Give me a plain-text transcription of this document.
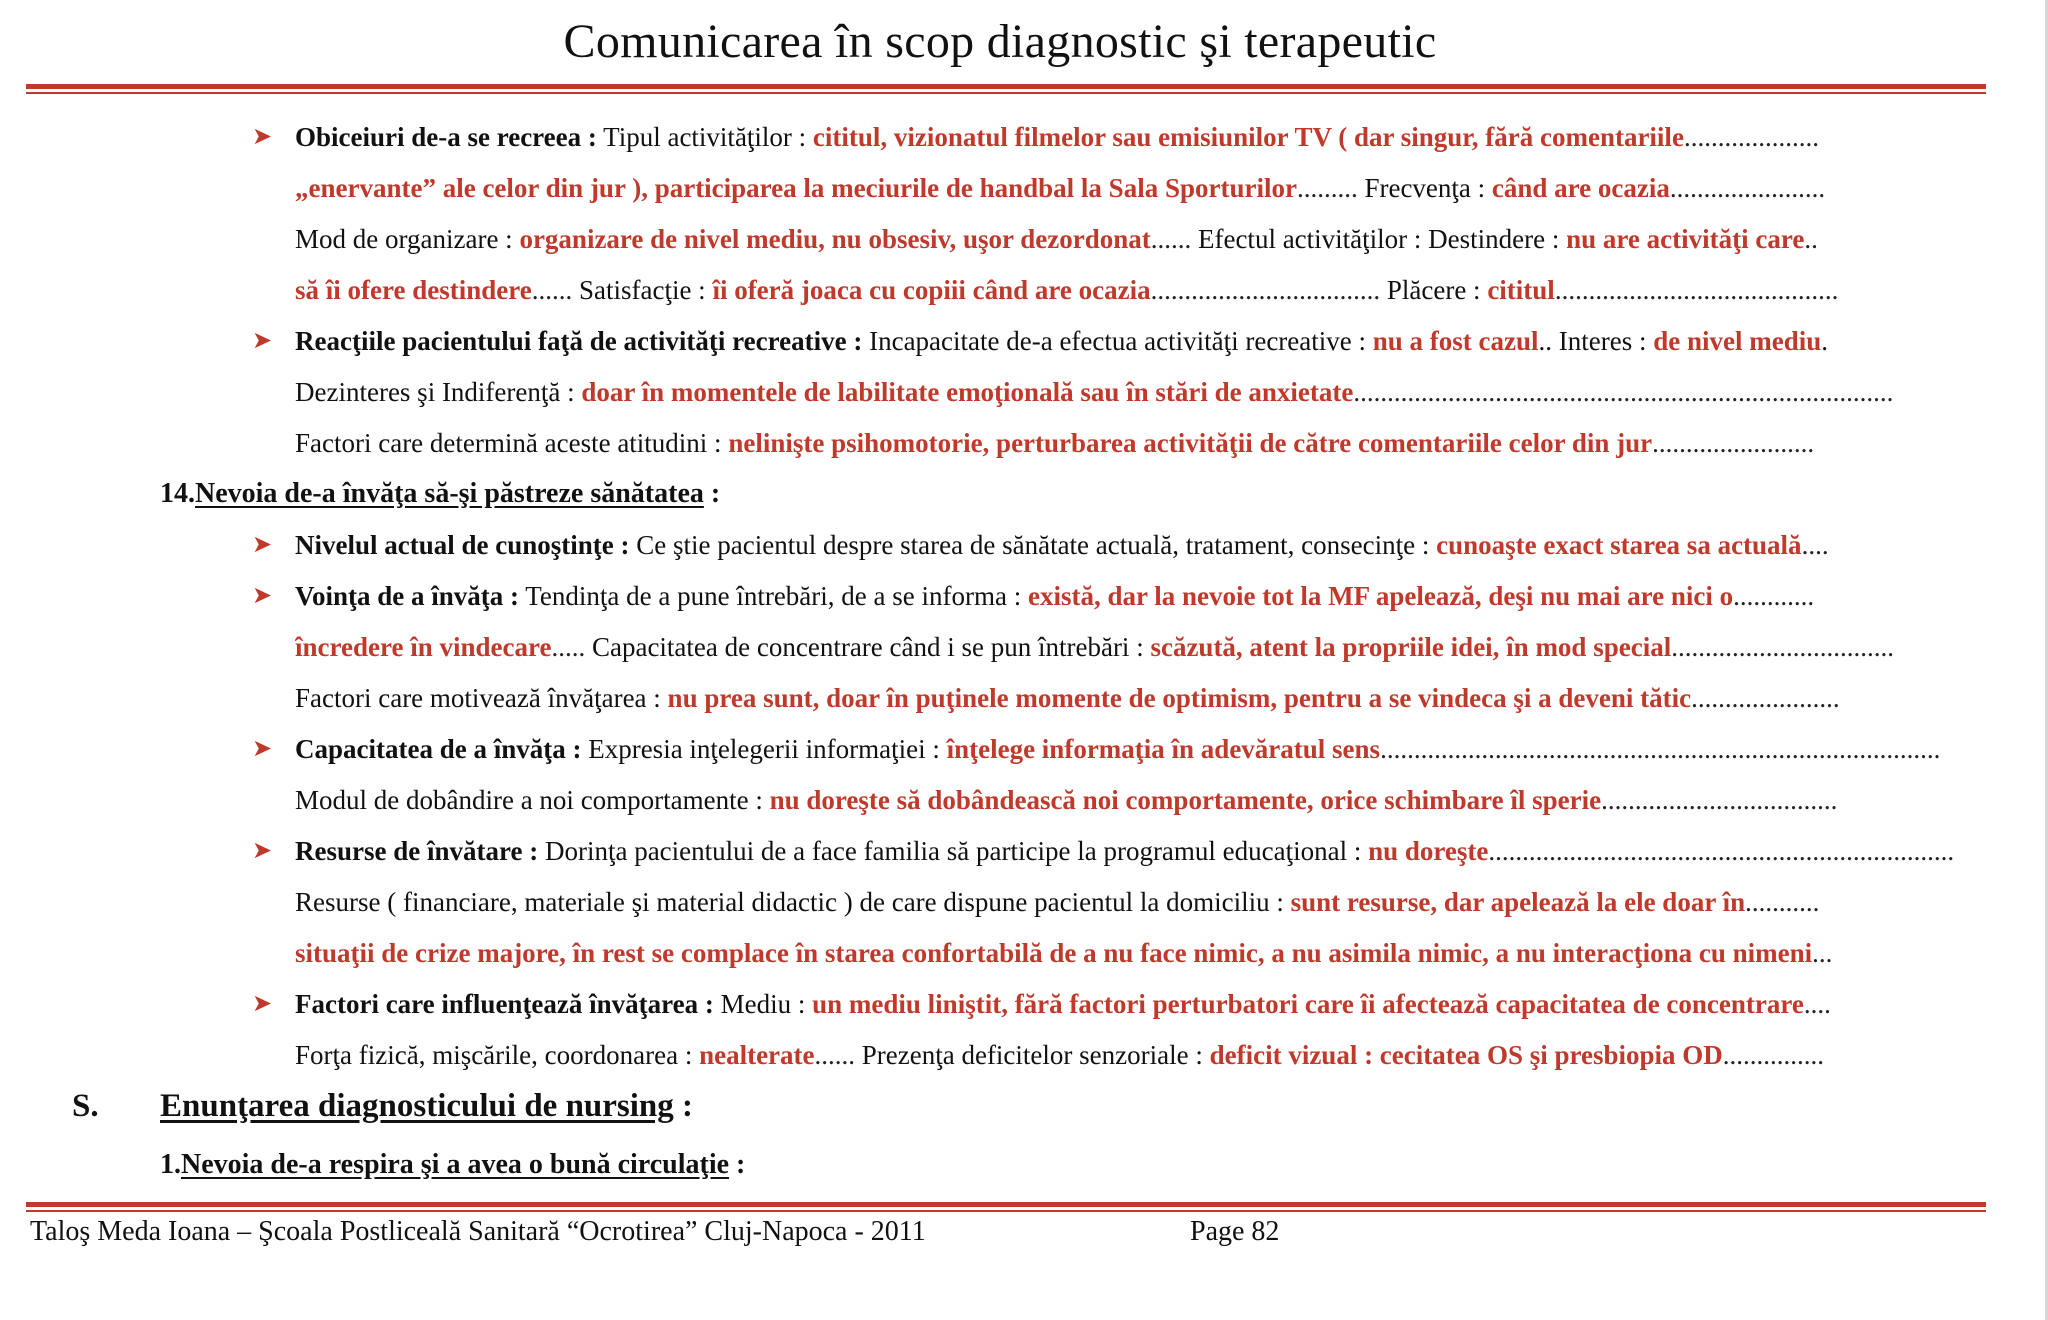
Comunicarea în scop diagnostic şi terapeutic
➤ Obiceiuri de-a se recreea : Tipul activităţilor : cititul, vizionatul filmelor sau emisiunilor TV ( dar singur, fără comentariile....................
„enervante” ale celor din jur ), participarea la meciurile de handbal la Sala Sporturilor......... Frecvenţa : când are ocazia.......................
Mod de organizare : organizare de nivel mediu, nu obsesiv, uşor dezordonat...... Efectul activităţilor : Destindere : nu are activităţi care..
să îi ofere destindere...... Satisfacţie : îi oferă joaca cu copiii când are ocazia.................................. Plăcere : cititul..........................................
➤ Reacţiile pacientului faţă de activităţi recreative : Incapacitate de-a efectua activităţi recreative : nu a fost cazul.. Interes : de nivel mediu.
Dezinteres şi Indiferenţă : doar în momentele de labilitate emoţională sau în stări de anxietate................................................................................
Factori care determină aceste atitudini : nelinişte psihomotorie, perturbarea activităţii de către comentariile celor din jur........................
14.Nevoia de-a învăţa să-şi păstreze sănătatea :
➤ Nivelul actual de cunoştinţe : Ce ştie pacientul despre starea de sănătate actuală, tratament, consecinţe : cunoaşte exact starea sa actuală....
➤ Voinţa de a învăţa : Tendinţa de a pune întrebări, de a se informa : există, dar la nevoie tot la MF apelează, deşi nu mai are nici o............
încredere în vindecare..... Capacitatea de concentrare când i se pun întrebări : scăzută, atent la propriile idei, în mod special.................................
Factori care motivează învăţarea : nu prea sunt, doar în puţinele momente de optimism, pentru a se vindeca şi a deveni tătic......................
➤ Capacitatea de a învăţa : Expresia inţelegerii informaţiei : înţelege informaţia în adevăratul sens...................................................................................
Modul de dobândire a noi comportamente : nu doreşte să dobândească noi comportamente, orice schimbare îl sperie...................................
➤ Resurse de învătare : Dorinţa pacientului de a face familia să participe la programul educaţional : nu doreşte.....................................................................
Resurse ( financiare, materiale şi material didactic ) de care dispune pacientul la domiciliu : sunt resurse, dar apelează la ele doar în...........
situaţii de crize majore, în rest se complace în starea confortabilă de a nu face nimic, a nu asimila nimic, a nu interacţiona cu nimeni...
➤ Factori care influenţează învăţarea : Mediu : un mediu liniştit, fără factori perturbatori care îi afectează capacitatea de concentrare....
Forţa fizică, mişcările, coordonarea : nealterate...... Prezenţa deficitelor senzoriale : deficit vizual : cecitatea OS şi presbiopia OD...............
S. Enunţarea diagnosticului de nursing :
1.Nevoia de-a respira şi a avea o bună circulaţie :
Taloş Meda Ioana – Şcoala Postliceală Sanitară “Ocrotirea” Cluj-Napoca - 2011	Page 82
